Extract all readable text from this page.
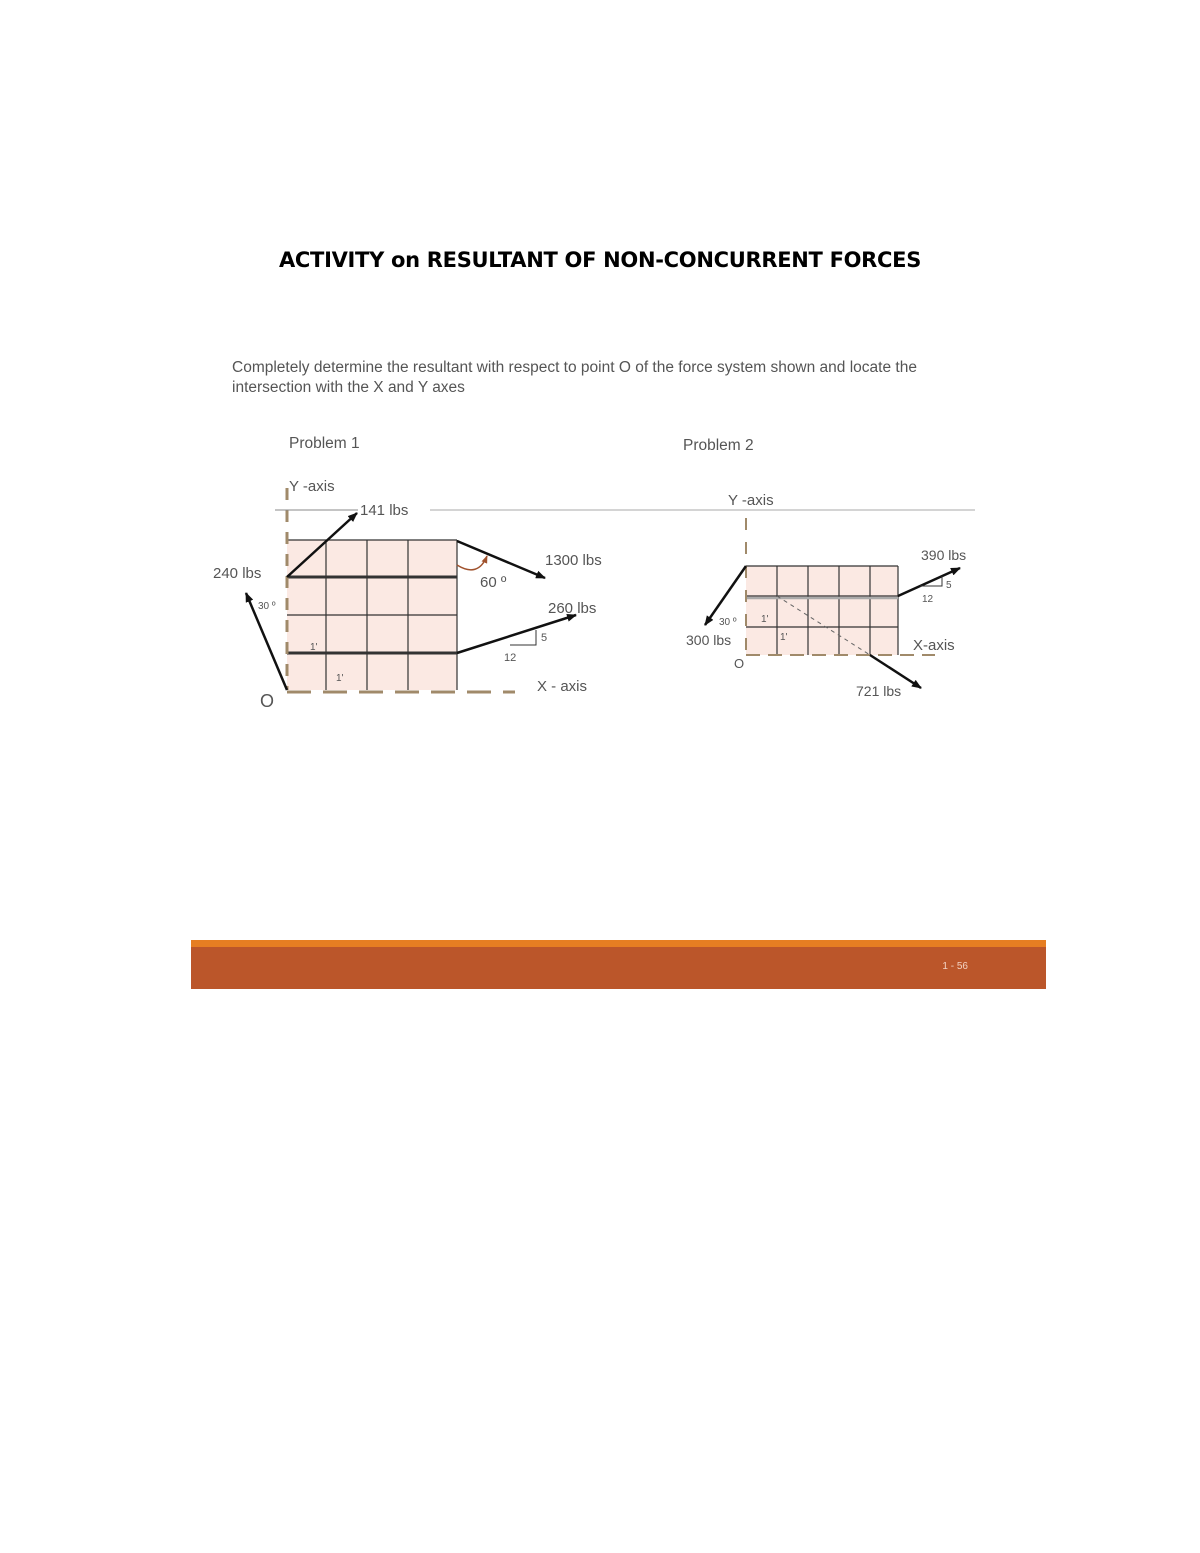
ACTIVITY on RESULTANT OF NON-CONCURRENT FORCES
Completely determine the resultant with respect to point O of the force system shown and locate the intersection with the X and Y axes
Problem 1	Problem 2
Y -axis
141 lbs
240 lbs
30 º
1300 lbs
60 º
260 lbs
5
12
1'
1'	X - axis
O
Y -axis
390 lbs
5
12
30 º 1'
1'
300 lbs	X-axis
O
721 lbs
1 - 56
